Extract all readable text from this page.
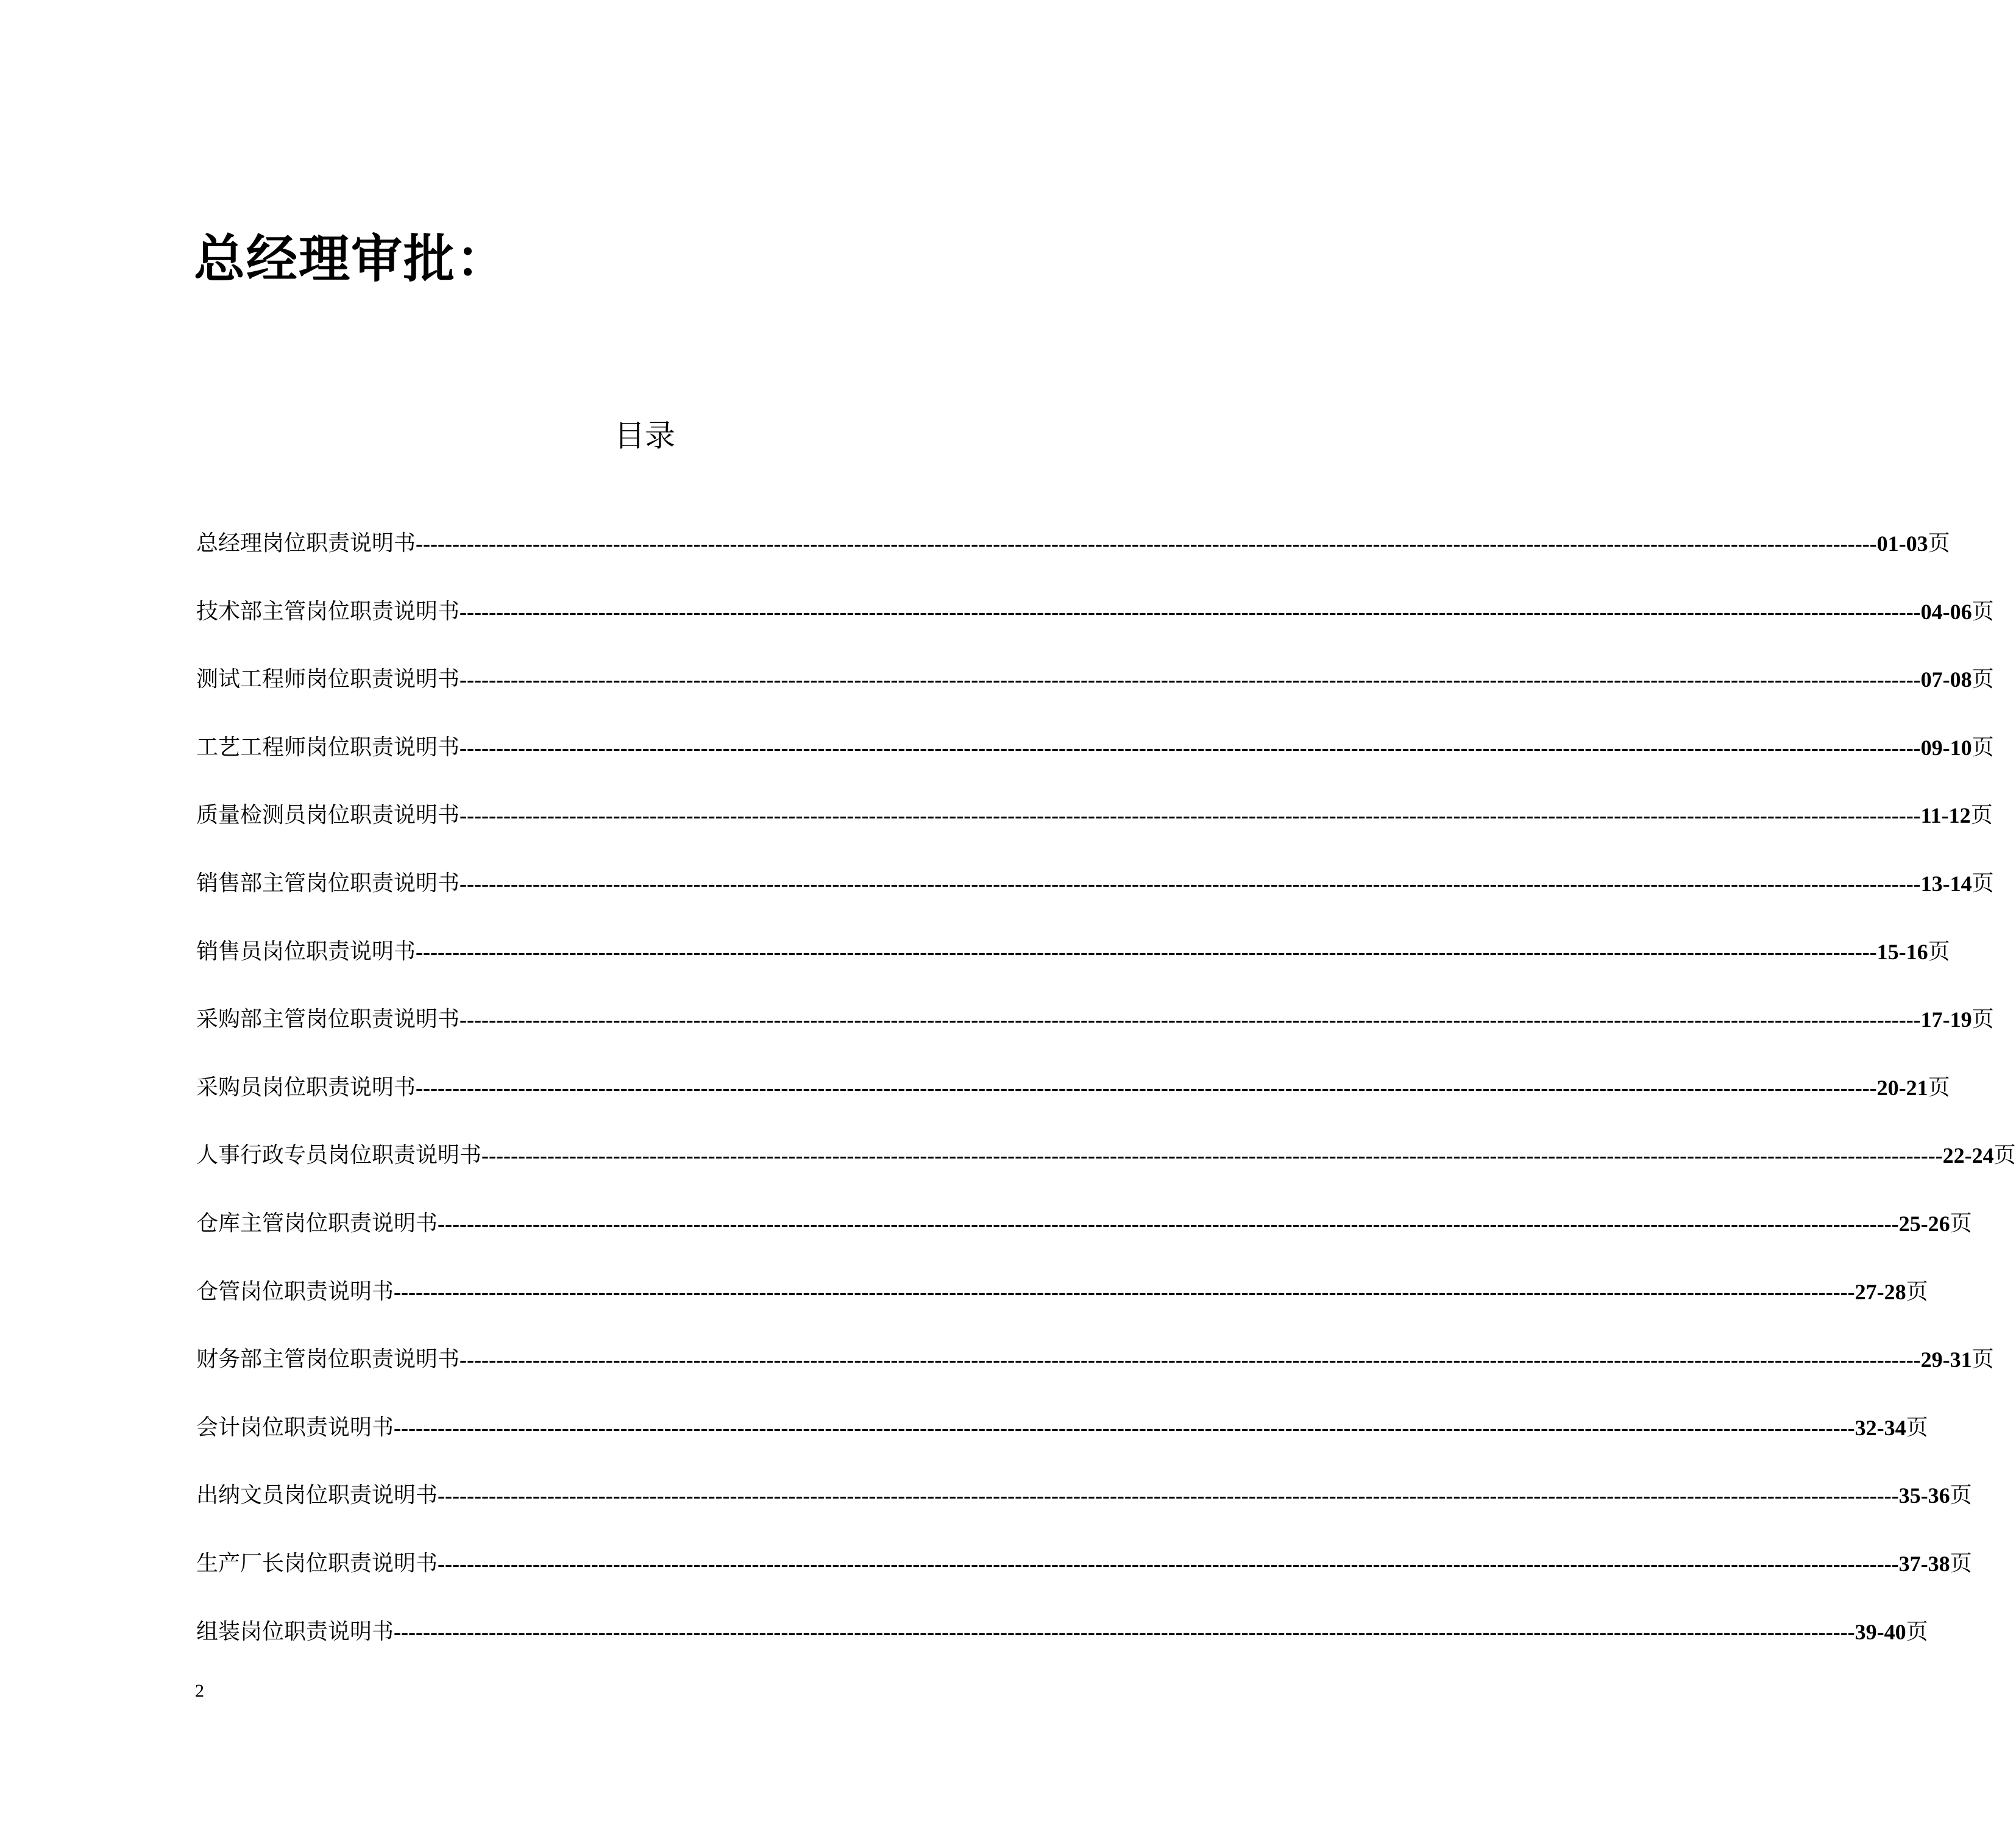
总经理审批：
目录
总经理岗位职责说明书 -------------------------------------------------------------------------------------------------------------------------------------------------------------------------------------------------------- 01-03 页
技术部主管岗位职责说明书 -------------------------------------------------------------------------------------------------------------------------------------------------------------------------------------------------------- 04-06 页
测试工程师岗位职责说明书 -------------------------------------------------------------------------------------------------------------------------------------------------------------------------------------------------------- 07-08 页
工艺工程师岗位职责说明书 -------------------------------------------------------------------------------------------------------------------------------------------------------------------------------------------------------- 09-10 页
质量检测员岗位职责说明书 -------------------------------------------------------------------------------------------------------------------------------------------------------------------------------------------------------- 11-12 页
销售部主管岗位职责说明书 -------------------------------------------------------------------------------------------------------------------------------------------------------------------------------------------------------- 13-14 页
销售员岗位职责说明书 -------------------------------------------------------------------------------------------------------------------------------------------------------------------------------------------------------- 15-16 页
采购部主管岗位职责说明书 -------------------------------------------------------------------------------------------------------------------------------------------------------------------------------------------------------- 17-19 页
采购员岗位职责说明书 -------------------------------------------------------------------------------------------------------------------------------------------------------------------------------------------------------- 20-21 页
人事行政专员岗位职责说明书 -------------------------------------------------------------------------------------------------------------------------------------------------------------------------------------------------------- 22-24 页
仓库主管岗位职责说明书 -------------------------------------------------------------------------------------------------------------------------------------------------------------------------------------------------------- 25-26 页
仓管岗位职责说明书 -------------------------------------------------------------------------------------------------------------------------------------------------------------------------------------------------------- 27-28 页
财务部主管岗位职责说明书 -------------------------------------------------------------------------------------------------------------------------------------------------------------------------------------------------------- 29-31 页
会计岗位职责说明书 -------------------------------------------------------------------------------------------------------------------------------------------------------------------------------------------------------- 32-34 页
出纳文员岗位职责说明书 -------------------------------------------------------------------------------------------------------------------------------------------------------------------------------------------------------- 35-36 页
生产厂长岗位职责说明书 -------------------------------------------------------------------------------------------------------------------------------------------------------------------------------------------------------- 37-38 页
组装岗位职责说明书 -------------------------------------------------------------------------------------------------------------------------------------------------------------------------------------------------------- 39-40 页
2
